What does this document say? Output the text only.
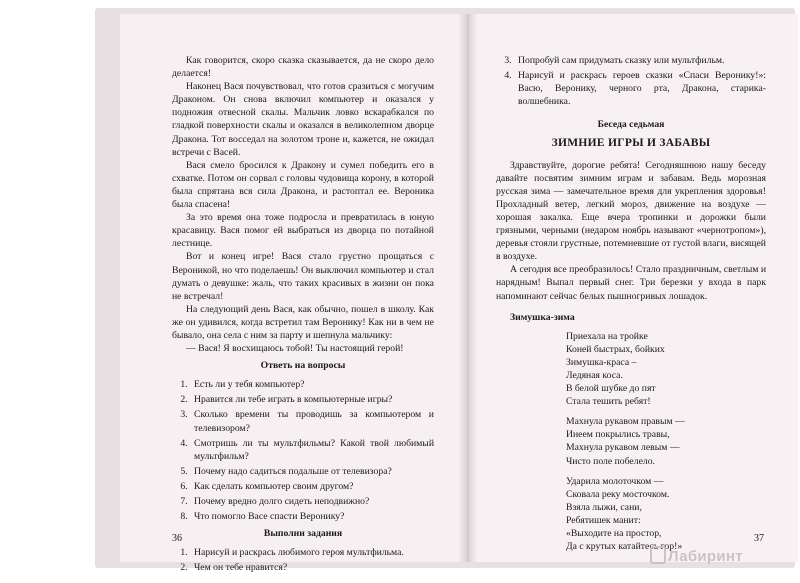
Как говорится, скоро сказка сказывается, да не скоро дело делается!

Наконец Вася почувствовал, что готов сразиться с могучим Драконом. Он снова включил компьютер и оказался у подножия отвесной скалы. Мальчик ловко вскарабкался по гладкой поверхности скалы и оказался в великолепном дворце Дракона. Тот восседал на золотом троне и, кажется, не ожидал встречи с Васей.

Вася смело бросился к Дракону и сумел победить его в схватке. Потом он сорвал с головы чудовища корону, в которой была спрятана вся сила Дракона, и растоптал ее. Вероника была спасена!

За это время она тоже подросла и превратилась в юную красавицу. Вася помог ей выбраться из дворца по потайной лестнице.

Вот и конец игре! Вася стало грустно прощаться с Вероникой, но что поделаешь! Он выключил компьютер и стал думать о девушке: жаль, что таких красивых в жизни он пока не встречал!

На следующий день Вася, как обычно, пошел в школу. Как же он удивился, когда встретил там Веронику! Как ни в чем не бывало, она села с ним за парту и шепнула мальчику:

— Вася! Я восхищаюсь тобой! Ты настоящий герой!

Ответь на вопросы
1. Есть ли у тебя компьютер?
2. Нравится ли тебе играть в компьютерные игры?
3. Сколько времени ты проводишь за компьютером и телевизором?
4. Смотришь ли ты мультфильмы? Какой твой любимый мультфильм?
5. Почему надо садиться подальше от телевизора?
6. Как сделать компьютер своим другом?
7. Почему вредно долго сидеть неподвижно?
8. Что помогло Васе спасти Веронику?
Выполни задания
1. Нарисуй и раскрась любимого героя мультфильма.
2. Чем он тебе нравится?
36
3. Попробуй сам придумать сказку или мультфильм.
4. Нарисуй и раскрась героев сказки «Спаси Веронику!»: Васю, Веронику, черного рта, Дракона, старика-волшебника.
Беседа седьмая
ЗИМНИЕ ИГРЫ И ЗАБАВЫ

Здравствуйте, дорогие ребята! Сегодняшнюю нашу беседу давайте посвятим зимним играм и забавам. Ведь морозная русская зима — замечательное время для укрепления здоровья! Прохладный ветер, легкий мороз, движение на воздухе — хорошая закалка. Еще вчера тропинки и дорожки были грязными, черными (недаром ноябрь называют «чернотропом»), деревья стояли грустные, потемневшие от густой влаги, висящей в воздухе.

А сегодня все преобразилось! Стало праздничным, светлым и нарядным! Выпал первый снег. Три березки у входа в парк напоминают сейчас белых пышногривых лошадок.

Зимушка-зима
Приехала на тройке
Коней быстрых, бойких
Зимушка-краса –
Ледяная коса.
В белой шубке до пят
Стала тешить ребят!
Махнула рукавом правым —
Инеем покрылись травы,
Махнула рукавом левым —
Чисто поле побелело.
Ударила молоточком —
Сковала реку мосточком.
Взяла лыжи, сани,
Ребятишек манит:
«Выходите на простор,
Да с крутых катайтесь гор!»
37
Лабиринт
